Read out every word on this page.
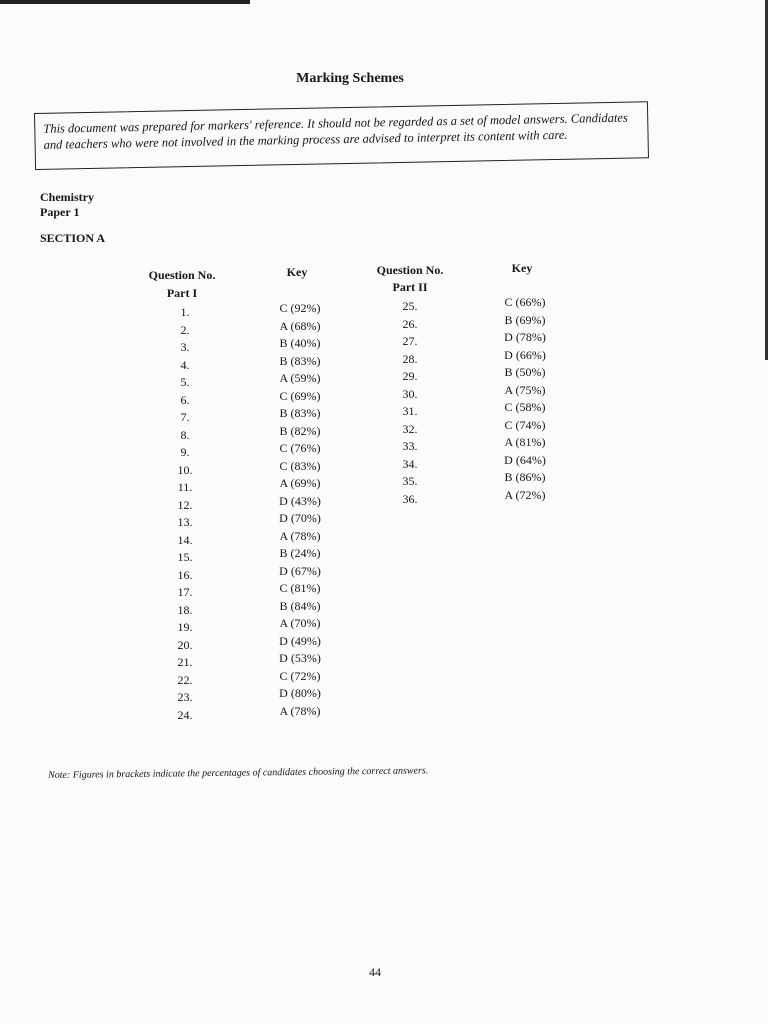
Marking Schemes
This document was prepared for markers' reference. It should not be regarded as a set of model answers. Candidates and teachers who were not involved in the marking process are advised to interpret its content with care.
Chemistry
Paper 1
SECTION A
Question No.
Part I
Key	Question No.
Part II
Key
1.
2.
3.
4.
5.
6.
7.
8.
9.
10.
11.
12.
13.
14.
15.
16.
17.
18.
19.
20.
21.
22.
23.
24.
C (92%)
A (68%)
B (40%)
B (83%)
A (59%)
C (69%)
B (83%)
B (82%)
C (76%)
C (83%)
A (69%)
D (43%)
D (70%)
A (78%)
B (24%)
D (67%)
C (81%)
B (84%)
A (70%)
D (49%)
D (53%)
C (72%)
D (80%)
A (78%)
25.
26.
27.
28.
29.
30.
31.
32.
33.
34.
35.
36.
C (66%)
B (69%)
D (78%)
D (66%)
B (50%)
A (75%)
C (58%)
C (74%)
A (81%)
D (64%)
B (86%)
A (72%)
Note: Figures in brackets indicate the percentages of candidates choosing the correct answers.
44
